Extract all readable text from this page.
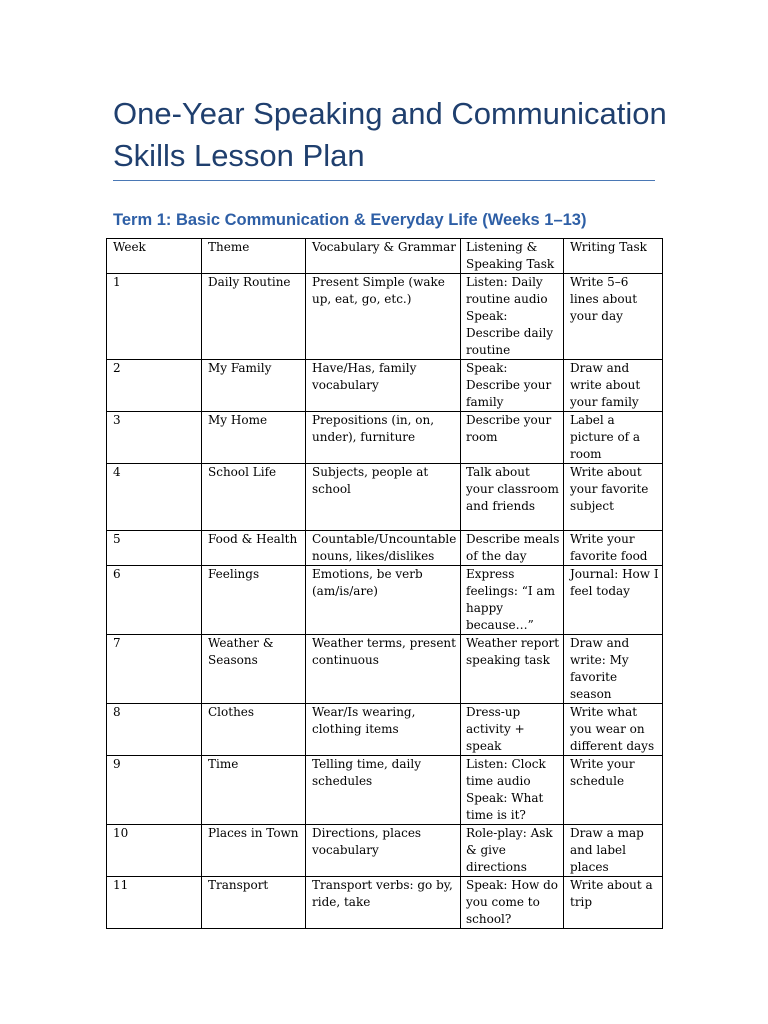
One-Year Speaking and Communication Skills Lesson Plan
Term 1: Basic Communication & Everyday Life (Weeks 1–13)
Week	Theme	Vocabulary & Grammar	Listening & Speaking Task	Writing Task
1	Daily Routine	Present Simple (wake up, eat, go, etc.)	Listen: Daily routine audio Speak: Describe daily routine	Write 5–6 lines about your day
2	My Family	Have/Has, family vocabulary	Speak: Describe your family	Draw and write about your family
3	My Home	Prepositions (in, on, under), furniture	Describe your room	Label a picture of a room
4	School Life	Subjects, people at school	Talk about your classroom and friends	Write about your favorite subject
5	Food & Health	Countable/Uncountable nouns, likes/dislikes	Describe meals of the day	Write your favorite food
6	Feelings	Emotions, be verb (am/is/are)	Express feelings: “I am happy because…”	Journal: How I feel today
7	Weather & Seasons	Weather terms, present continuous	Weather report speaking task	Draw and write: My favorite season
8	Clothes	Wear/Is wearing, clothing items	Dress-up activity + speak	Write what you wear on different days
9	Time	Telling time, daily schedules	Listen: Clock time audio Speak: What time is it?	Write your schedule
10	Places in Town	Directions, places vocabulary	Role-play: Ask & give directions	Draw a map and label places
11	Transport	Transport verbs: go by, ride, take	Speak: How do you come to school?	Write about a trip
